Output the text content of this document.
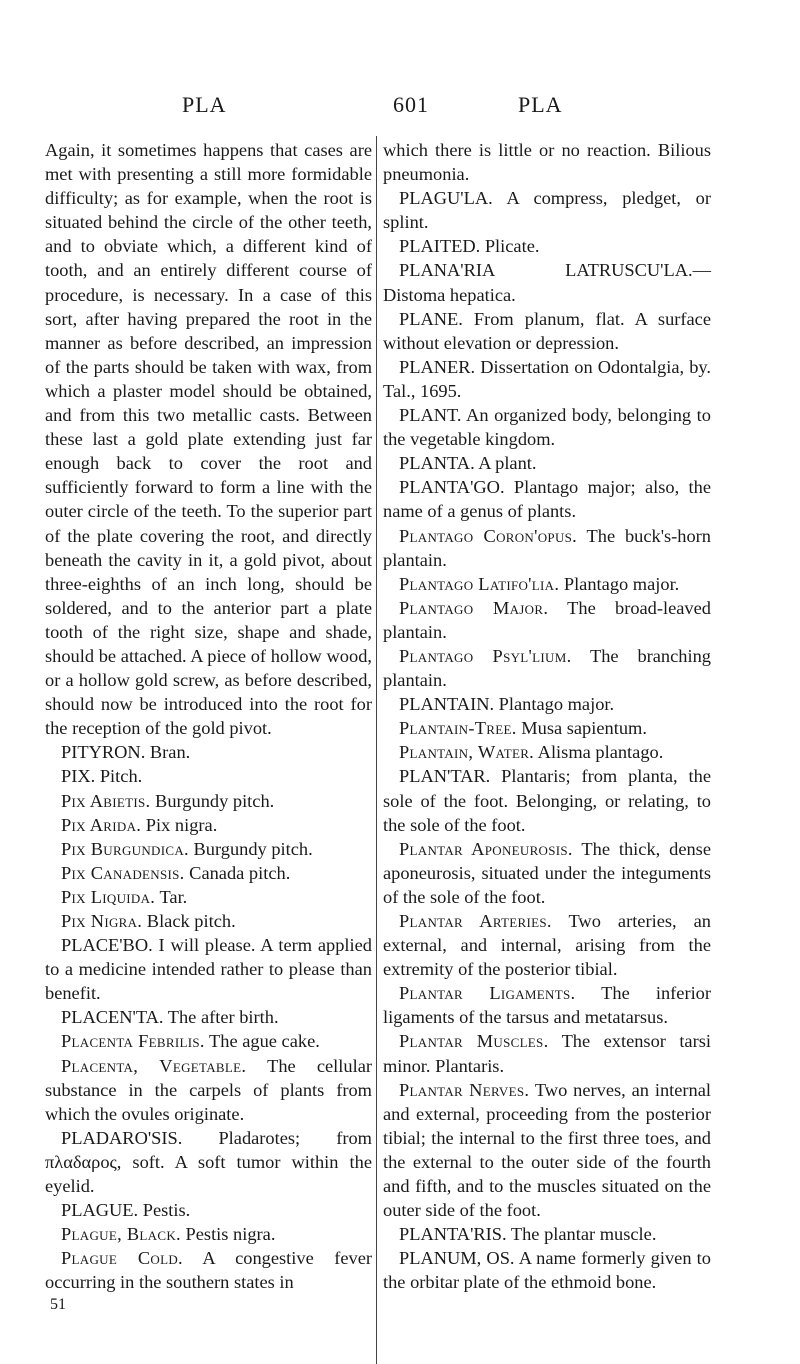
PLA	601	PLA

Again, it sometimes happens that cases are met with presenting a still more formidable difficulty; as for example, when the root is situated behind the circle of the other teeth, and to obviate which, a different kind of tooth, and an entirely different course of procedure, is necessary. In a case of this sort, after having prepared the root in the manner as before described, an impression of the parts should be taken with wax, from which a plaster model should be obtained, and from this two metallic casts. Between these last a gold plate extending just far enough back to cover the root and sufficiently forward to form a line with the outer circle of the teeth. To the superior part of the plate covering the root, and directly beneath the cavity in it, a gold pivot, about three-eighths of an inch long, should be soldered, and to the anterior part a plate tooth of the right size, shape and shade, should be attached. A piece of hollow wood, or a hollow gold screw, as before described, should now be introduced into the root for the reception of the gold pivot.

PITYRON. Bran.

PIX. Pitch.

Pix Abietis. Burgundy pitch.

Pix Arida. Pix nigra.

Pix Burgundica. Burgundy pitch.

Pix Canadensis. Canada pitch.

Pix Liquida. Tar.

Pix Nigra. Black pitch.

PLACE'BO. I will please. A term applied to a medicine intended rather to please than benefit.

PLACEN'TA. The after birth.

Placenta Febrilis. The ague cake.

Placenta, Vegetable. The cellular substance in the carpels of plants from which the ovules originate.

PLADARO'SIS. Pladarotes; from πλαδαρος, soft. A soft tumor within the eyelid.

PLAGUE. Pestis.

Plague, Black. Pestis nigra.

Plague Cold. A congestive fever occurring in the southern states in

which there is little or no reaction. Bilious pneumonia.

PLAGU'LA. A compress, pledget, or splint.

PLAITED. Plicate.

PLANA'RIA LATRUSCU'LA.— Distoma hepatica.

PLANE. From planum, flat. A surface without elevation or depression.

PLANER. Dissertation on Odontalgia, by. Tal., 1695.

PLANT. An organized body, belonging to the vegetable kingdom.

PLANTA. A plant.

PLANTA'GO. Plantago major; also, the name of a genus of plants.

Plantago Coron'opus. The buck's-horn plantain.

Plantago Latifo'lia. Plantago major.

Plantago Major. The broad-leaved plantain.

Plantago Psyl'lium. The branching plantain.

PLANTAIN. Plantago major.

Plantain-Tree. Musa sapientum.

Plantain, Water. Alisma plantago.

PLAN'TAR. Plantaris; from planta, the sole of the foot. Belonging, or relating, to the sole of the foot.

Plantar Aponeurosis. The thick, dense aponeurosis, situated under the integuments of the sole of the foot.

Plantar Arteries. Two arteries, an external, and internal, arising from the extremity of the posterior tibial.

Plantar Ligaments. The inferior ligaments of the tarsus and metatarsus.

Plantar Muscles. The extensor tarsi minor. Plantaris.

Plantar Nerves. Two nerves, an internal and external, proceeding from the posterior tibial; the internal to the first three toes, and the external to the outer side of the fourth and fifth, and to the muscles situated on the outer side of the foot.

PLANTA'RIS. The plantar muscle.

PLANUM, OS. A name formerly given to the orbitar plate of the ethmoid bone.

51
